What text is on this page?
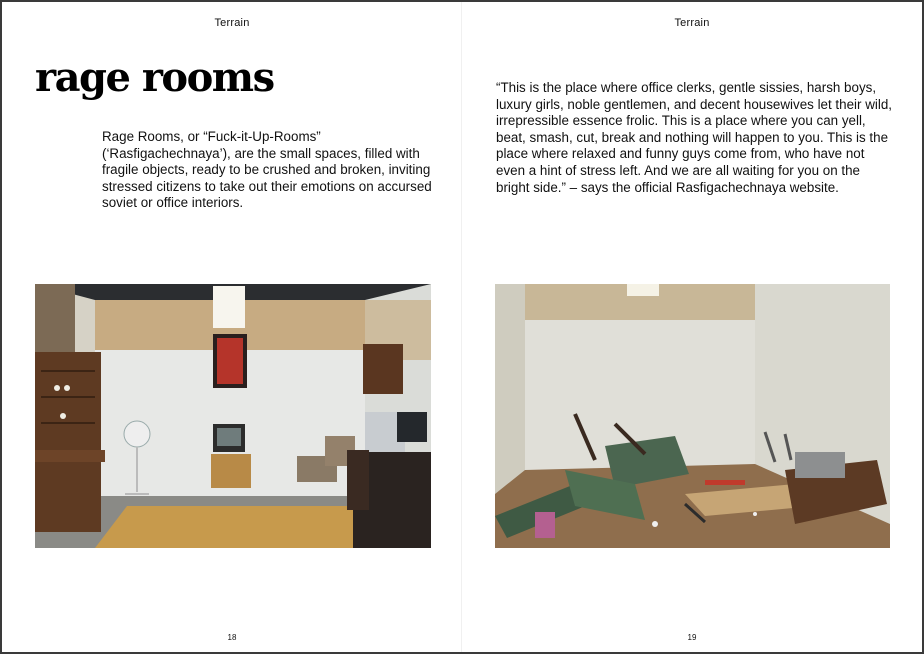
Terrain
rage rooms

Rage Rooms, or “Fuck-it-Up-Rooms” (‘Rasfigachechnaya’), are the small spaces, filled with fragile objects, ready to be crushed and broken, inviting stressed citizens to take out their emotions on accursed soviet or office interiors.

18
Terrain

“This is the place where office clerks, gentle sissies, harsh boys, luxury girls, noble gentlemen, and decent housewives let their wild, irrepressible essence frolic. This is a place where you can yell, beat, smash, cut, break and nothing will happen to you. This is the place where relaxed and funny guys come from, who have not even a hint of stress left. And we are all waiting for you on the bright side.” – says the official Rasfigachechnaya website.

19
